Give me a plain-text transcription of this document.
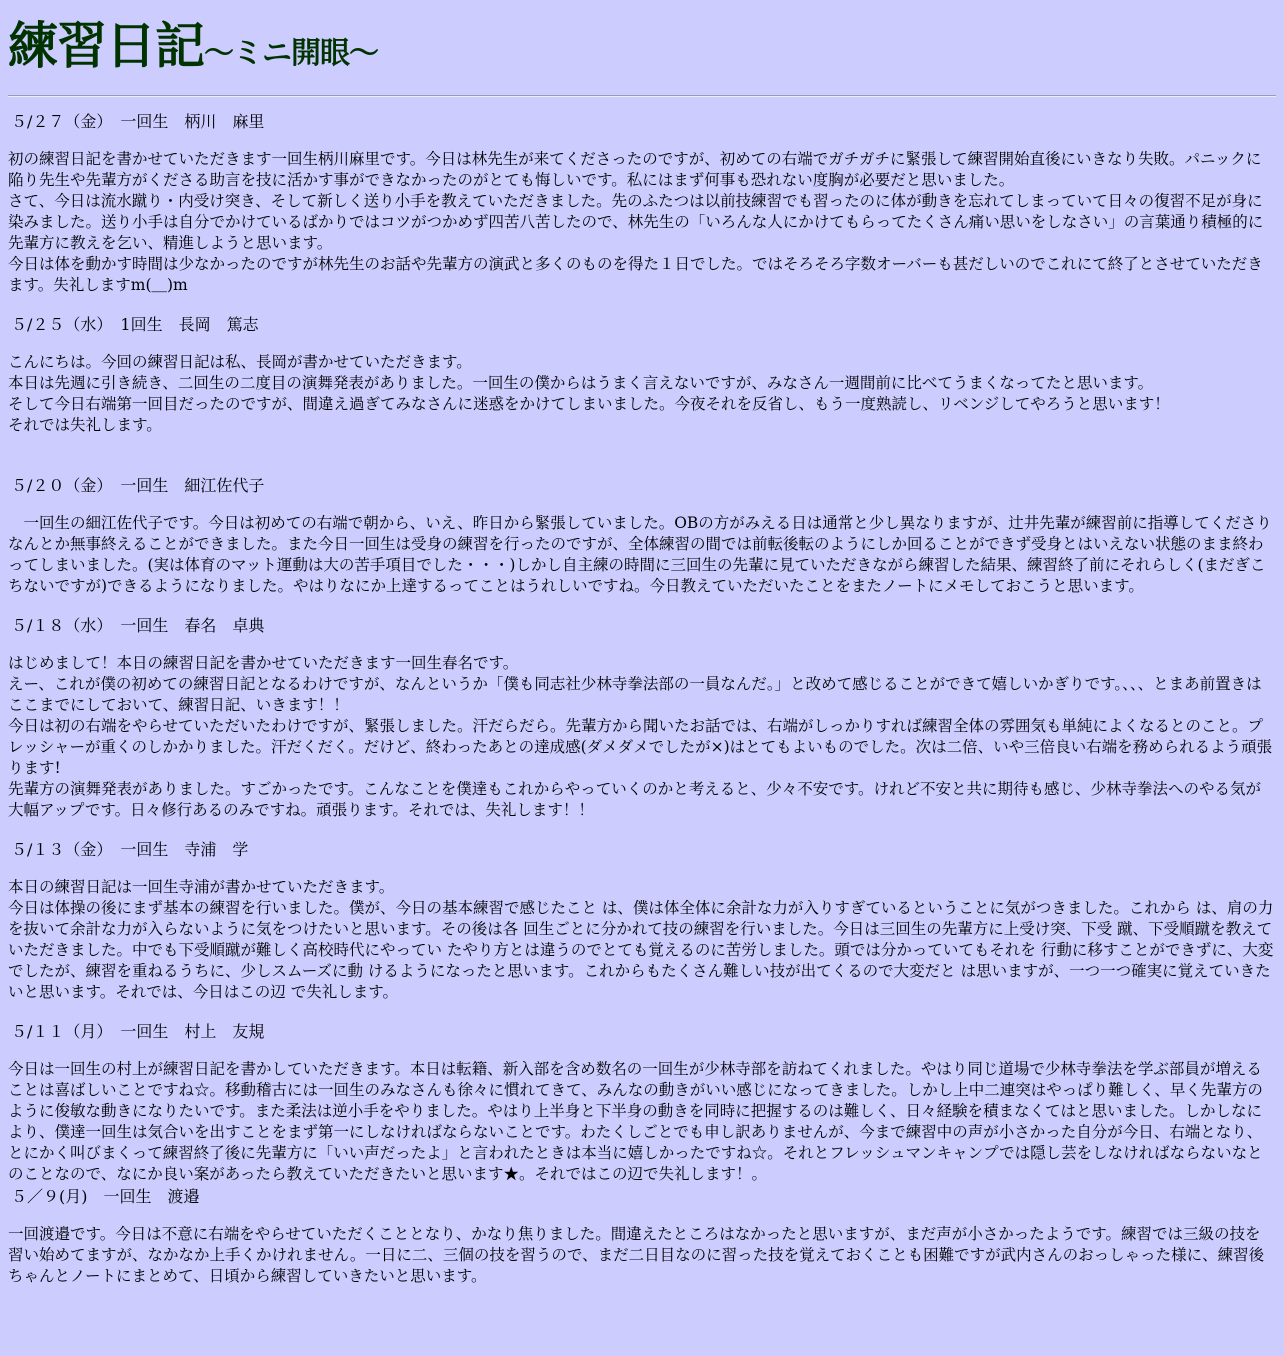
練習日記～ミニ開眼～
５/２７（金）　一回生　柄川　麻里

初の練習日記を書かせていただきます一回生柄川麻里です。今日は林先生が来てくださったのですが、初めての右端でガチガチに緊張して練習開始直後にいきなり失敗。パニックに陥り先生や先輩方がくださる助言を技に活かす事ができなかったのがとても悔しいです。私にはまず何事も恐れない度胸が必要だと思いました。

さて、今日は流水蹴り・内受け突き、そして新しく送り小手を教えていただきました。先のふたつは以前技練習でも習ったのに体が動きを忘れてしまっていて日々の復習不足が身に染みました。送り小手は自分でかけているばかりではコツがつかめず四苦八苦したので、林先生の「いろんな人にかけてもらってたくさん痛い思いをしなさい」の言葉通り積極的に先輩方に教えを乞い、精進しようと思います。

今日は体を動かす時間は少なかったのですが林先生のお話や先輩方の演武と多くのものを得た１日でした。ではそろそろ字数オーバーも甚だしいのでこれにて終了とさせていただきます。失礼しますm(＿)m

５/２５（水）　1回生　長岡　篤志

こんにちは。今回の練習日記は私、長岡が書かせていただきます。

本日は先週に引き続き、二回生の二度目の演舞発表がありました。一回生の僕からはうまく言えないですが、みなさん一週間前に比べてうまくなってたと思います。

そして今日右端第一回目だったのですが、間違え過ぎてみなさんに迷惑をかけてしまいました。今夜それを反省し、もう一度熟読し、リベンジしてやろうと思います！

それでは失礼します。

５/２０（金）　一回生　細江佐代子

　一回生の細江佐代子です。今日は初めての右端で朝から、いえ、昨日から緊張していました。OBの方がみえる日は通常と少し異なりますが、辻井先輩が練習前に指導してくださりなんとか無事終えることができました。また今日一回生は受身の練習を行ったのですが、全体練習の間では前転後転のようにしか回ることができず受身とはいえない状態のまま終わってしまいました。(実は体育のマット運動は大の苦手項目でした・・・)しかし自主練の時間に三回生の先輩に見ていただきながら練習した結果、練習終了前にそれらしく(まだぎこちないですが)できるようになりました。やはりなにか上達するってことはうれしいですね。今日教えていただいたことをまたノートにメモしておこうと思います。

５/１８（水）　一回生　春名　卓典

はじめまして！本日の練習日記を書かせていただきます一回生春名です。

えー、これが僕の初めての練習日記となるわけですが、なんというか「僕も同志社少林寺拳法部の一員なんだ。」と改めて感じることができて嬉しいかぎりです。、、、とまあ前置きはここまでにしておいて、練習日記、いきます！！

今日は初の右端をやらせていただいたわけですが、緊張しました。汗だらだら。先輩方から聞いたお話では、右端がしっかりすれば練習全体の雰囲気も単純によくなるとのこと。プレッシャーが重くのしかかりました。汗だくだく。だけど、終わったあとの達成感(ダメダメでしたが×)はとてもよいものでした。次は二倍、いや三倍良い右端を務められるよう頑張ります!

先輩方の演舞発表がありました。すごかったです。こんなことを僕達もこれからやっていくのかと考えると、少々不安です。けれど不安と共に期待も感じ、少林寺拳法へのやる気が大幅アップです。日々修行あるのみですね。頑張ります。それでは、失礼します！！

５/１３（金）　一回生　寺浦　学

本日の練習日記は一回生寺浦が書かせていただきます。

今日は体操の後にまず基本の練習を行いました。僕が、今日の基本練習で感じたこと は、僕は体全体に余計な力が入りすぎているということに気がつきました。これから は、肩の力を抜いて余計な力が入らないように気をつけたいと思います。その後は各 回生ごとに分かれて技の練習を行いました。今日は三回生の先輩方に上受け突、下受 蹴、下受順蹴を教えていただきました。中でも下受順蹴が難しく高校時代にやってい たやり方とは違うのでとても覚えるのに苦労しました。頭では分かっていてもそれを 行動に移すことができずに、大変でしたが、練習を重ねるうちに、少しスムーズに動 けるようになったと思います。これからもたくさん難しい技が出てくるので大変だと は思いますが、一つ一つ確実に覚えていきたいと思います。それでは、今日はこの辺 で失礼します。

５/１１（月）　一回生　村上　友規

今日は一回生の村上が練習日記を書かしていただきます。本日は転籍、新入部を含め数名の一回生が少林寺部を訪ねてくれました。やはり同じ道場で少林寺拳法を学ぶ部員が増えることは喜ばしいことですね☆。移動稽古には一回生のみなさんも徐々に慣れてきて、みんなの動きがいい感じになってきました。しかし上中二連突はやっぱり難しく、早く先輩方のように俊敏な動きになりたいです。また柔法は逆小手をやりました。やはり上半身と下半身の動きを同時に把握するのは難しく、日々経験を積まなくてはと思いました。しかしなにより、僕達一回生は気合いを出すことをまず第一にしなければならないことです。わたくしごとでも申し訳ありませんが、今まで練習中の声が小さかった自分が今日、右端となり、とにかく叫びまくって練習終了後に先輩方に「いい声だったよ」と言われたときは本当に嬉しかったですね☆。それとフレッシュマンキャンプでは隠し芸をしなければならないなとのことなので、なにか良い案があったら教えていただきたいと思います★。それではこの辺で失礼します！。

５／９(月)　一回生　渡邉

一回渡邉です。今日は不意に右端をやらせていただくこととなり、かなり焦りました。間違えたところはなかったと思いますが、まだ声が小さかったようです。練習では三級の技を習い始めてますが、なかなか上手くかけれません。一日に二、三個の技を習うので、まだ二日目なのに習った技を覚えておくことも困難ですが武内さんのおっしゃった様に、練習後ちゃんとノートにまとめて、日頃から練習していきたいと思います。
